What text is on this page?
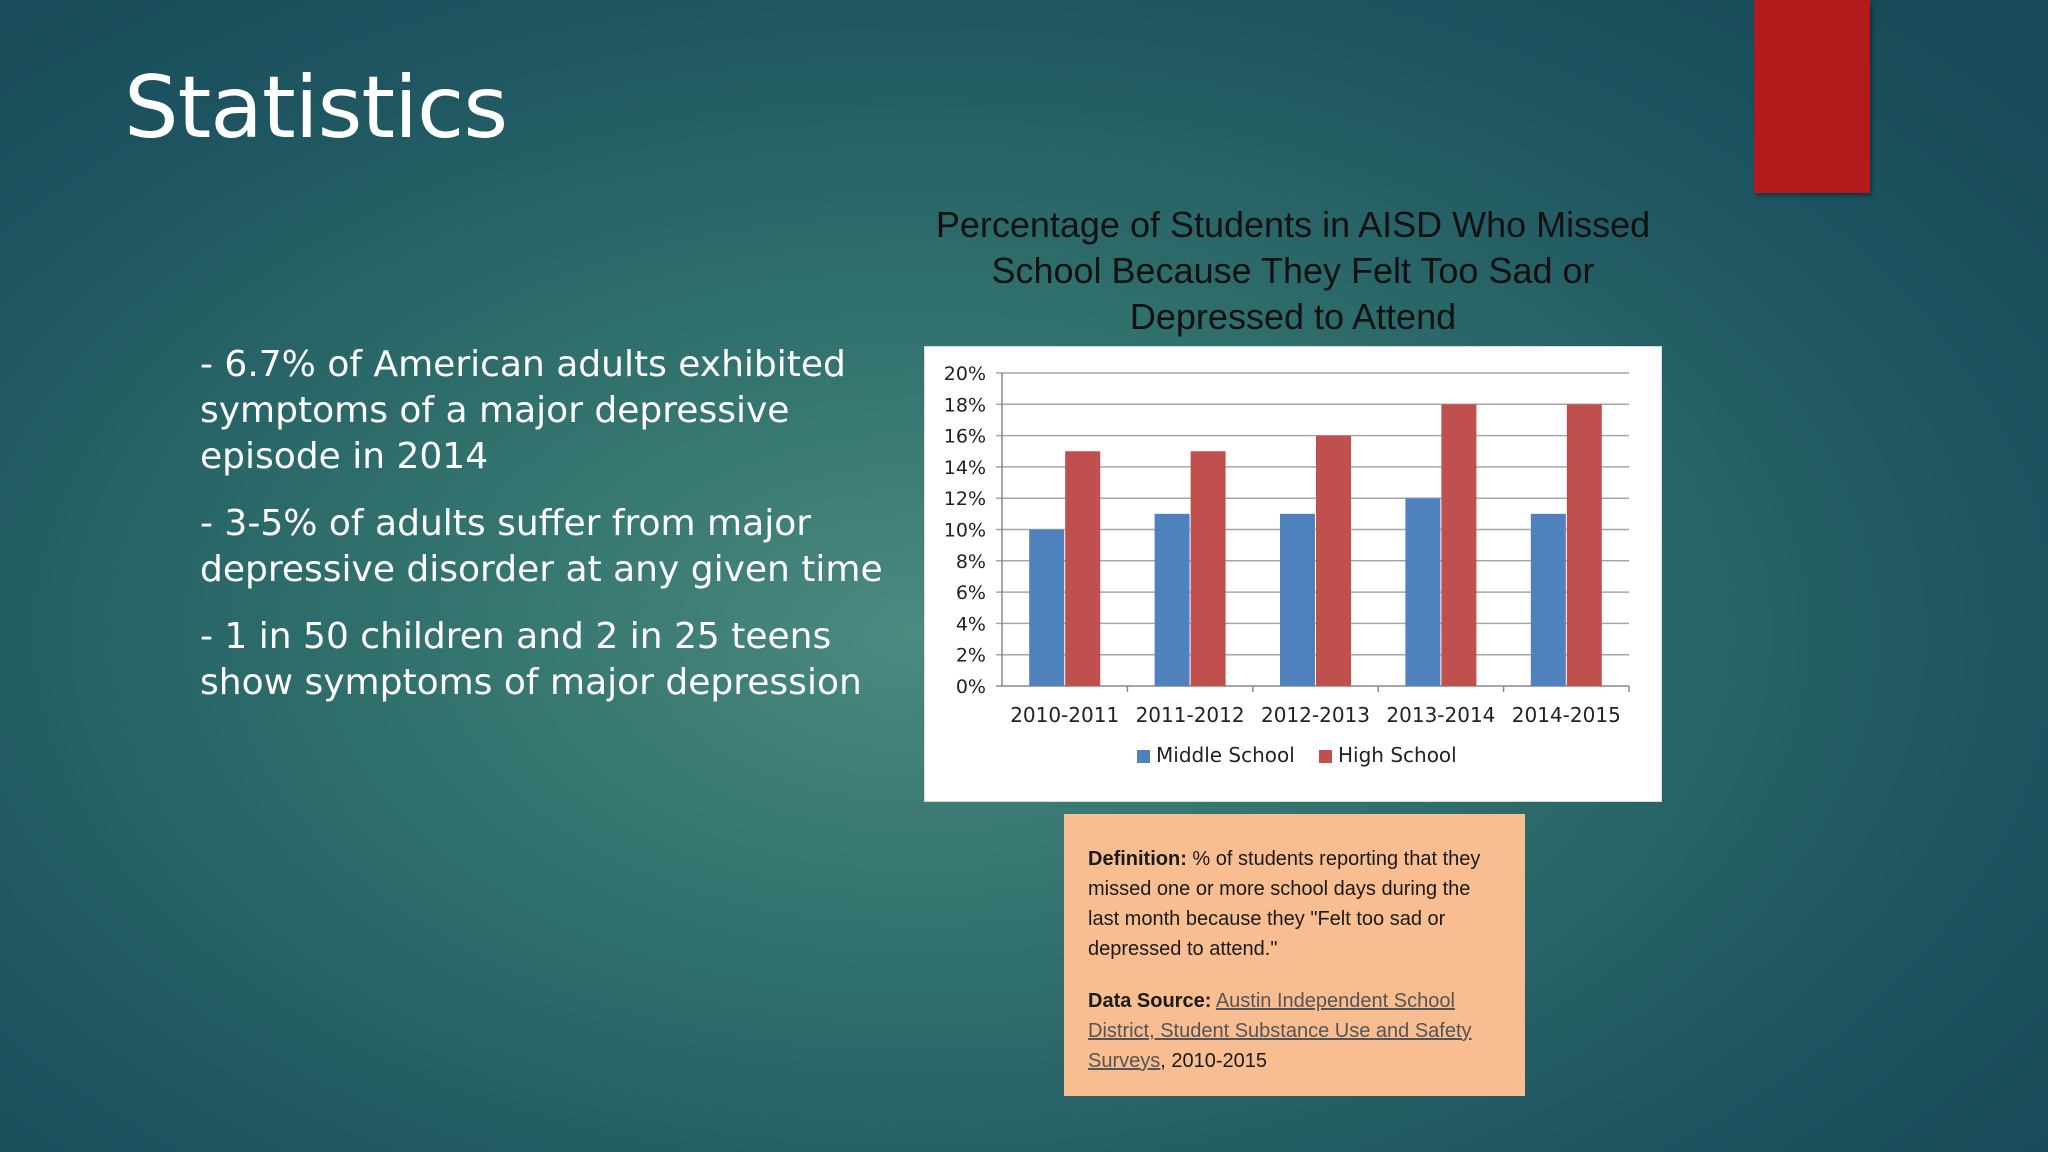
Statistics

- 6.7% of American adults exhibited symptoms of a major depressive episode in 2014

- 3-5% of adults suffer from major depressive disorder at any given time

- 1 in 50 children and 2 in 25 teens show symptoms of major depression

Percentage of Students in AISD Who Missed School Because They Felt Too Sad or Depressed to Attend
0%
2%
4%
6%
8%
10%
12%
14%
16%
18%
20%
2010-2011 2011-2012 2012-2013 2013-2014 2014-2015
Middle School High School

Definition: % of students reporting that they missed one or more school days during the last month because they "Felt too sad or depressed to attend."

Data Source: Austin Independent School District, Student Substance Use and Safety Surveys, 2010-2015
